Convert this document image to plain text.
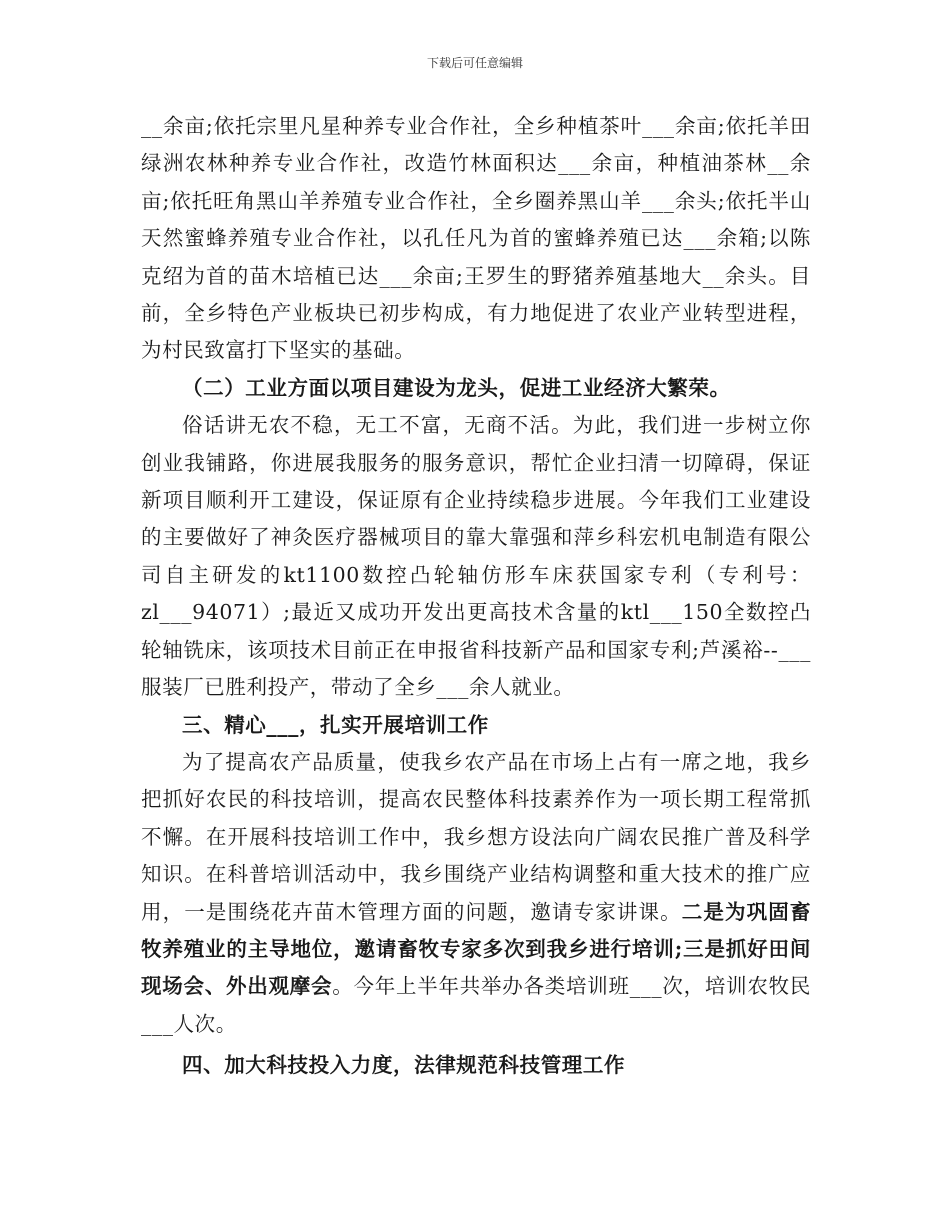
下载后可任意编辑

__余亩;依托宗里凡星种养专业合作社，全乡种植茶叶___余亩;依托羊田绿洲农林种养专业合作社，改造竹林面积达___余亩，种植油茶林__余亩;依托旺角黑山羊养殖专业合作社，全乡圈养黑山羊___余头;依托半山天然蜜蜂养殖专业合作社，以孔任凡为首的蜜蜂养殖已达___余箱;以陈克绍为首的苗木培植已达___余亩;王罗生的野猪养殖基地大__余头。目前，全乡特色产业板块已初步构成，有力地促进了农业产业转型进程，为村民致富打下坚实的基础。

（二）工业方面以项目建设为龙头，促进工业经济大繁荣。

俗话讲无农不稳，无工不富，无商不活。为此，我们进一步树立你创业我铺路，你进展我服务的服务意识，帮忙企业扫清一切障碍，保证新项目顺利开工建设，保证原有企业持续稳步进展。今年我们工业建设的主要做好了神灸医疗器械项目的靠大靠强和萍乡科宏机电制造有限公司自主研发的kt1100数控凸轮轴仿形车床获国家专利（专利号：zl___94071）;最近又成功开发出更高技术含量的ktl___150全数控凸轮轴铣床，该项技术目前正在申报省科技新产品和国家专利;芦溪裕--___服装厂已胜利投产，带动了全乡___余人就业。

三、精心___，扎实开展培训工作

为了提高农产品质量，使我乡农产品在市场上占有一席之地，我乡把抓好农民的科技培训，提高农民整体科技素养作为一项长期工程常抓不懈。在开展科技培训工作中，我乡想方设法向广阔农民推广普及科学知识。在科普培训活动中，我乡围绕产业结构调整和重大技术的推广应用，一是围绕花卉苗木管理方面的问题，邀请专家讲课。二是为巩固畜牧养殖业的主导地位，邀请畜牧专家多次到我乡进行培训;三是抓好田间现场会、外出观摩会。今年上半年共举办各类培训班___次，培训农牧民___人次。

四、加大科技投入力度，法律规范科技管理工作
